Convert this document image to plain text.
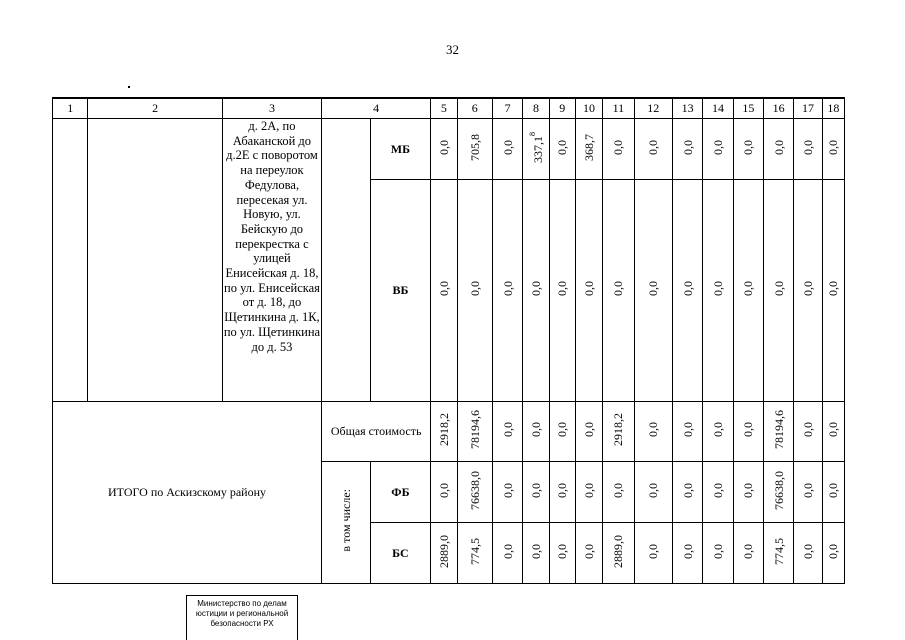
32
1	2	3	4		5	6	7	8	9	10	11	12	13	14	15	16	17	18
		д. 2А, по Абаканской до д.2Е с поворотом на переулок Федулова, пересекая ул. Новую, ул. Бейскую до перекрестка с улицей Енисейская д. 18, по ул. Енисейская от д. 18, до Щетинкина д. 1К, по ул. Щетинкина до д. 53		МБ	0,0	705,8	0,0	337,1$^8$	0,0	368,7	0,0	0,0	0,0	0,0	0,0	0,0	0,0	0,0
				ВБ	0,0	0,0	0,0	0,0	0,0	0,0	0,0	0,0	0,0	0,0	0,0	0,0	0,0	0,0
ИТОГО по Аскизскому району			Общая стоимость		2918,2	78194,6	0,0	0,0	0,0	0,0	2918,2	0,0	0,0	0,0	0,0	78194,6	0,0	0,0
			в том числе:	ФБ	0,0	76638,0	0,0	0,0	0,0	0,0	0,0	0,0	0,0	0,0	0,0	76638,0	0,0	0,0
				БС	2889,0	774,5	0,0	0,0	0,0	0,0	2889,0	0,0	0,0	0,0	0,0	774,5	0,0	0,0
Министерство по делам
юстиции и региональной
безопасности РХ
